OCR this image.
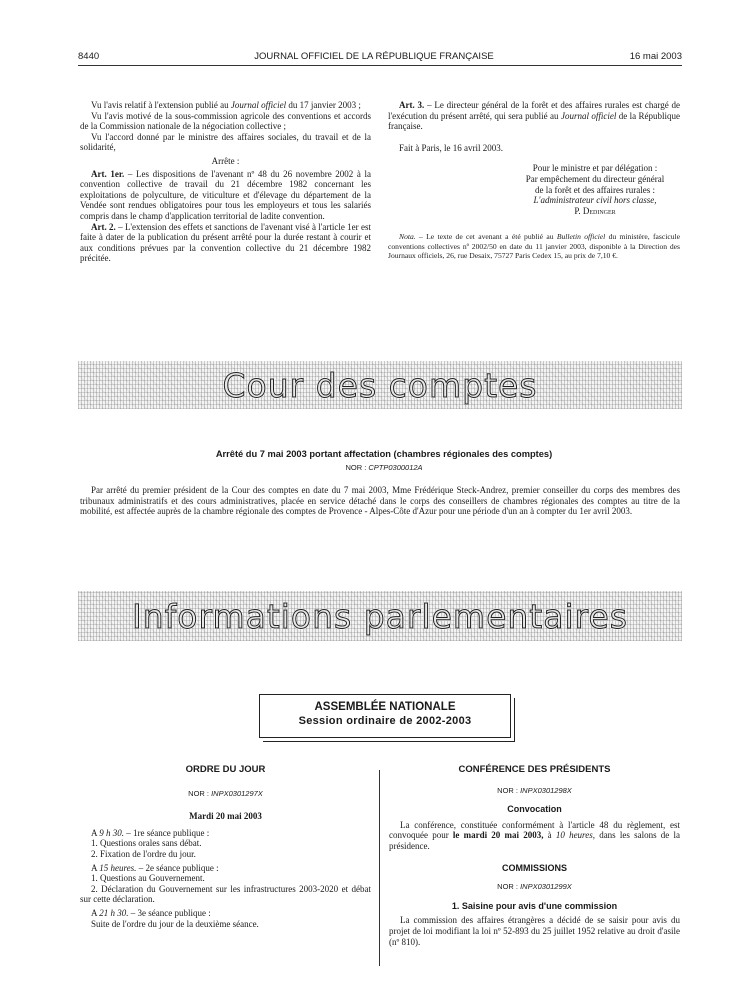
8440	JOURNAL OFFICIEL DE LA RÉPUBLIQUE FRANÇAISE	16 mai 2003

Vu l'avis relatif à l'extension publié au Journal officiel du 17 janvier 2003 ;

Vu l'avis motivé de la sous-commission agricole des conventions et accords de la Commission nationale de la négociation collective ;

Vu l'accord donné par le ministre des affaires sociales, du travail et de la solidarité,

Arrête :

Art. 1er. – Les dispositions de l'avenant nº 48 du 26 novembre 2002 à la convention collective de travail du 21 décembre 1982 concernant les exploitations de polyculture, de viticulture et d'élevage du département de la Vendée sont rendues obligatoires pour tous les employeurs et tous les salariés compris dans le champ d'application territorial de ladite convention.

Art. 2. – L'extension des effets et sanctions de l'avenant visé à l'article 1er est faite à dater de la publication du présent arrêté pour la durée restant à courir et aux conditions prévues par la convention collective du 21 décembre 1982 précitée.

Art. 3. – Le directeur général de la forêt et des affaires rurales est chargé de l'exécution du présent arrêté, qui sera publié au Journal officiel de la République française.

Fait à Paris, le 16 avril 2003.

Pour le ministre et par délégation :
Par empêchement du directeur général
de la forêt et des affaires rurales :
L'administrateur civil hors classe,
P. Dedinger

Nota. – Le texte de cet avenant a été publié au Bulletin officiel du ministère, fascicule conventions collectives nº 2002/50 en date du 11 janvier 2003, disponible à la Direction des Journaux officiels, 26, rue Desaix, 75727 Paris Cedex 15, au prix de 7,10 €.

Cour des comptes
Arrêté du 7 mai 2003 portant affectation (chambres régionales des comptes)
NOR : CPTP0300012A

Par arrêté du premier président de la Cour des comptes en date du 7 mai 2003, Mme Frédérique Steck-Andrez, premier conseiller du corps des membres des tribunaux administratifs et des cours administratives, placée en service détaché dans le corps des conseillers de chambres régionales des comptes au titre de la mobilité, est affectée auprès de la chambre régionale des comptes de Provence - Alpes-Côte d'Azur pour une période d'un an à compter du 1er avril 2003.

Informations parlementaires
ASSEMBLÉE NATIONALE
Session ordinaire de 2002-2003
ORDRE DU JOUR
NOR : INPX0301297X
Mardi 20 mai 2003

A 9 h 30. – 1re séance publique :

1. Questions orales sans débat.

2. Fixation de l'ordre du jour.

A 15 heures. – 2e séance publique :

1. Questions au Gouvernement.

2. Déclaration du Gouvernement sur les infrastructures 2003-2020 et débat sur cette déclaration.

A 21 h 30. – 3e séance publique :

Suite de l'ordre du jour de la deuxième séance.

CONFÉRENCE DES PRÉSIDENTS
NOR : INPX0301298X
Convocation

La conférence, constituée conformément à l'article 48 du règlement, est convoquée pour le mardi 20 mai 2003, à 10 heures, dans les salons de la présidence.

COMMISSIONS
NOR : INPX0301299X
1. Saisine pour avis d'une commission

La commission des affaires étrangères a décidé de se saisir pour avis du projet de loi modifiant la loi nº 52-893 du 25 juillet 1952 relative au droit d'asile (nº 810).
